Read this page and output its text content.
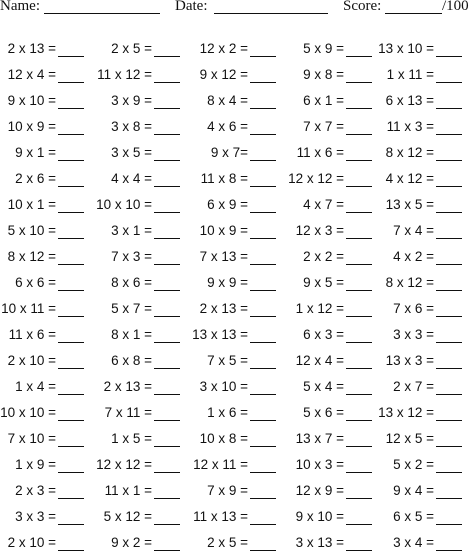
Name:	Date:	Score:	/100
2 x 13 =	2 x 5 =	12 x 2 =	5 x 9 =	13 x 10 =
12 x 4 =	11 x 12 =	9 x 12 =	9 x 8 =	1 x 11 =
9 x 10 =	3 x 9 =	8 x 4 =	6 x 1 =	6 x 13 =
10 x 9 =	3 x 8 =	4 x 6 =	7 x 7 =	11 x 3 =
9 x 1 =	3 x 5 =	9 x 7=	11 x 6 =	8 x 12 =
2 x 6 =	4 x 4 =	11 x 8 =	12 x 12 =	4 x 12 =
10 x 1 =	10 x 10 =	6 x 9 =	4 x 7 =	13 x 5 =
5 x 10 =	3 x 1 =	10 x 9 =	12 x 3 =	7 x 4 =
8 x 12 =	7 x 3 =	7 x 13 =	2 x 2 =	4 x 2 =
6 x 6 =	8 x 6 =	9 x 9 =	9 x 5 =	8 x 12 =
10 x 11 =	5 x 7 =	2 x 13 =	1 x 12 =	7 x 6 =
11 x 6 =	8 x 1 =	13 x 13 =	6 x 3 =	3 x 3 =
2 x 10 =	6 x 8 =	7 x 5 =	12 x 4 =	13 x 3 =
1 x 4 =	2 x 13 =	3 x 10 =	5 x 4 =	2 x 7 =
10 x 10 =	7 x 11 =	1 x 6 =	5 x 6 =	13 x 12 =
7 x 10 =	1 x 5 =	10 x 8 =	13 x 7 =	12 x 5 =
1 x 9 =	12 x 12 =	12 x 11 =	10 x 3 =	5 x 2 =
2 x 3 =	11 x 1 =	7 x 9 =	12 x 9 =	9 x 4 =
3 x 3 =	5 x 12 =	11 x 13 =	9 x 10 =	6 x 5 =
2 x 10 =	9 x 2 =	2 x 5 =	3 x 13 =	3 x 4 =
